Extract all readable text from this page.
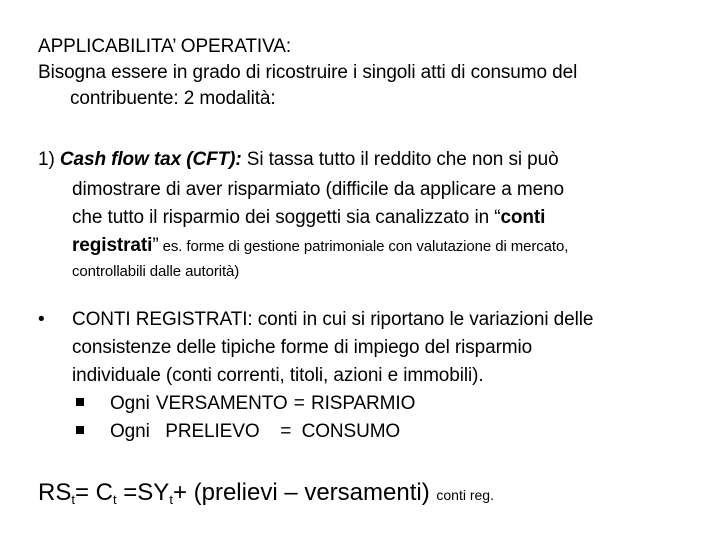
APPLICABILITA’ OPERATIVA:
Bisogna essere in grado di ricostruire i singoli atti di consumo del
contribuente: 2 modalità:
1) Cash flow tax (CFT): Si tassa tutto il reddito che non si può
dimostrare di aver risparmiato (difficile da applicare a meno
che tutto il risparmio dei soggetti sia canalizzato in “conti
registrati” es. forme di gestione patrimoniale con valutazione di mercato,
controllabili dalle autorità)
• CONTI REGISTRATI: conti in cui si riportano le variazioni delle
consistenze delle tipiche forme di impiego del risparmio
individuale (conti correnti, titoli, azioni e immobili).
Ogni VERSAMENTO = RISPARMIO
Ogni   PRELIEVO    =  CONSUMO
$RS_t= C_t =SY_t+$ (prelievi – versamenti) conti reg.
